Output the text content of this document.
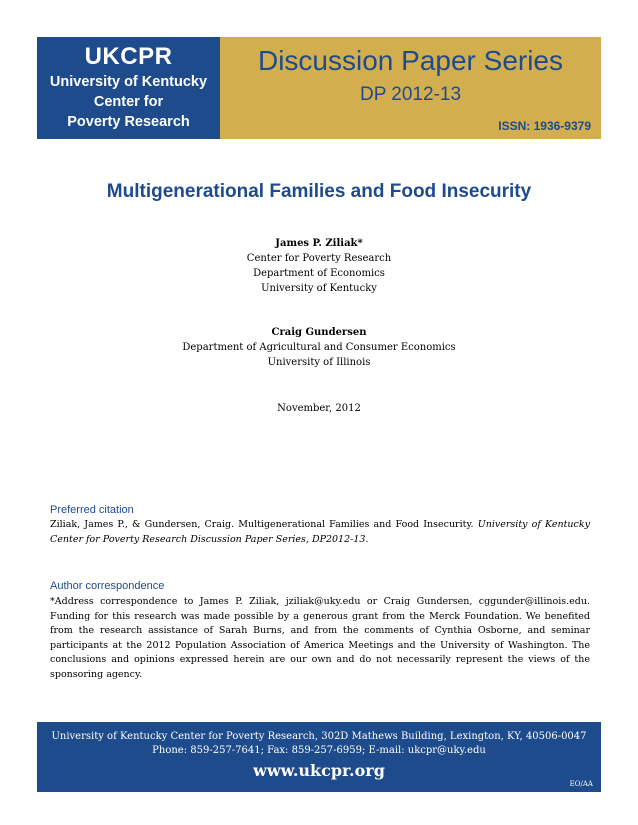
UKCPR
University of Kentucky
Center for
Poverty Research
Discussion Paper Series
DP 2012-13
ISSN: 1936-9379
Multigenerational Families and Food Insecurity
James P. Ziliak*
Center for Poverty Research
Department of Economics
University of Kentucky
Craig Gundersen
Department of Agricultural and Consumer Economics
University of Illinois
November, 2012
Preferred citation
Ziliak, James P., & Gundersen, Craig. Multigenerational Families and Food Insecurity. University of Kentucky Center for Poverty Research Discussion Paper Series, DP2012-13.
Author correspondence
*Address correspondence to James P. Ziliak, jziliak@uky.edu or Craig Gundersen, cggunder@illinois.edu. Funding for this research was made possible by a generous grant from the Merck Foundation. We benefited from the research assistance of Sarah Burns, and from the comments of Cynthia Osborne, and seminar participants at the 2012 Population Association of America Meetings and the University of Washington. The conclusions and opinions expressed herein are our own and do not necessarily represent the views of the sponsoring agency.
University of Kentucky Center for Poverty Research, 302D Mathews Building, Lexington, KY, 40506-0047
Phone: 859-257-7641; Fax: 859-257-6959; E-mail: ukcpr@uky.edu
www.ukcpr.org
EO/AA
